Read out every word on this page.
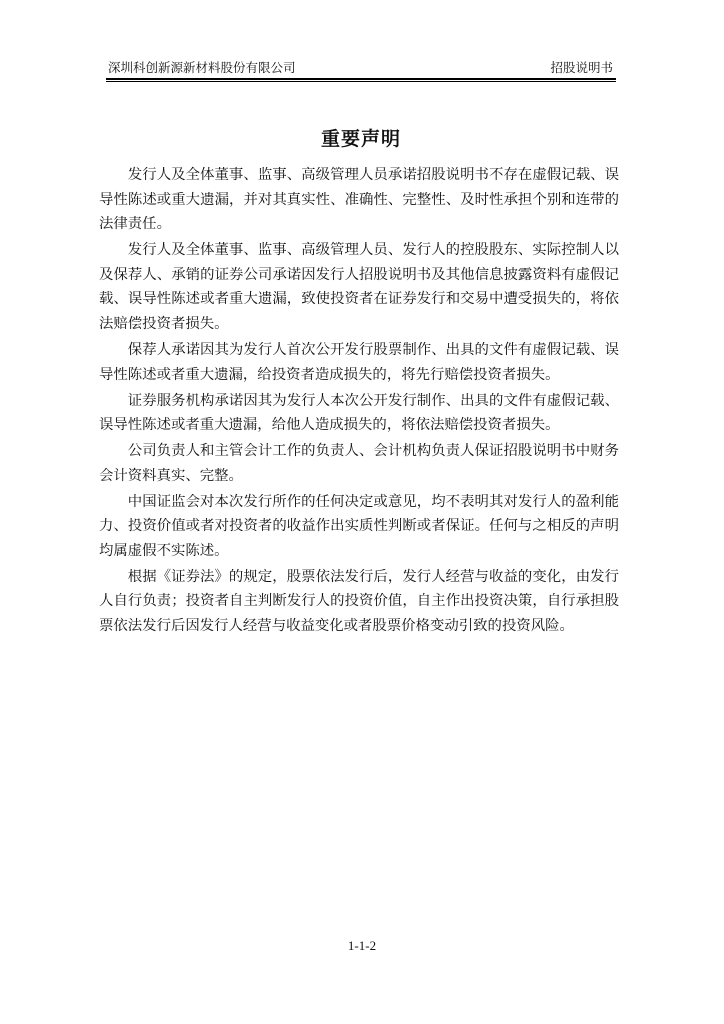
深圳科创新源新材料股份有限公司	招股说明书
重要声明

发行人及全体董事、监事、高级管理人员承诺招股说明书不存在虚假记载、误导性陈述或重大遗漏，并对其真实性、准确性、完整性、及时性承担个别和连带的法律责任。

发行人及全体董事、监事、高级管理人员、发行人的控股股东、实际控制人以及保荐人、承销的证券公司承诺因发行人招股说明书及其他信息披露资料有虚假记载、误导性陈述或者重大遗漏，致使投资者在证券发行和交易中遭受损失的，将依法赔偿投资者损失。

保荐人承诺因其为发行人首次公开发行股票制作、出具的文件有虚假记载、误导性陈述或者重大遗漏，给投资者造成损失的，将先行赔偿投资者损失。

证券服务机构承诺因其为发行人本次公开发行制作、出具的文件有虚假记载、误导性陈述或者重大遗漏，给他人造成损失的，将依法赔偿投资者损失。

公司负责人和主管会计工作的负责人、会计机构负责人保证招股说明书中财务会计资料真实、完整。

中国证监会对本次发行所作的任何决定或意见，均不表明其对发行人的盈利能力、投资价值或者对投资者的收益作出实质性判断或者保证。任何与之相反的声明均属虚假不实陈述。

根据《证券法》的规定，股票依法发行后，发行人经营与收益的变化，由发行人自行负责；投资者自主判断发行人的投资价值，自主作出投资决策，自行承担股票依法发行后因发行人经营与收益变化或者股票价格变动引致的投资风险。

1-1-2
